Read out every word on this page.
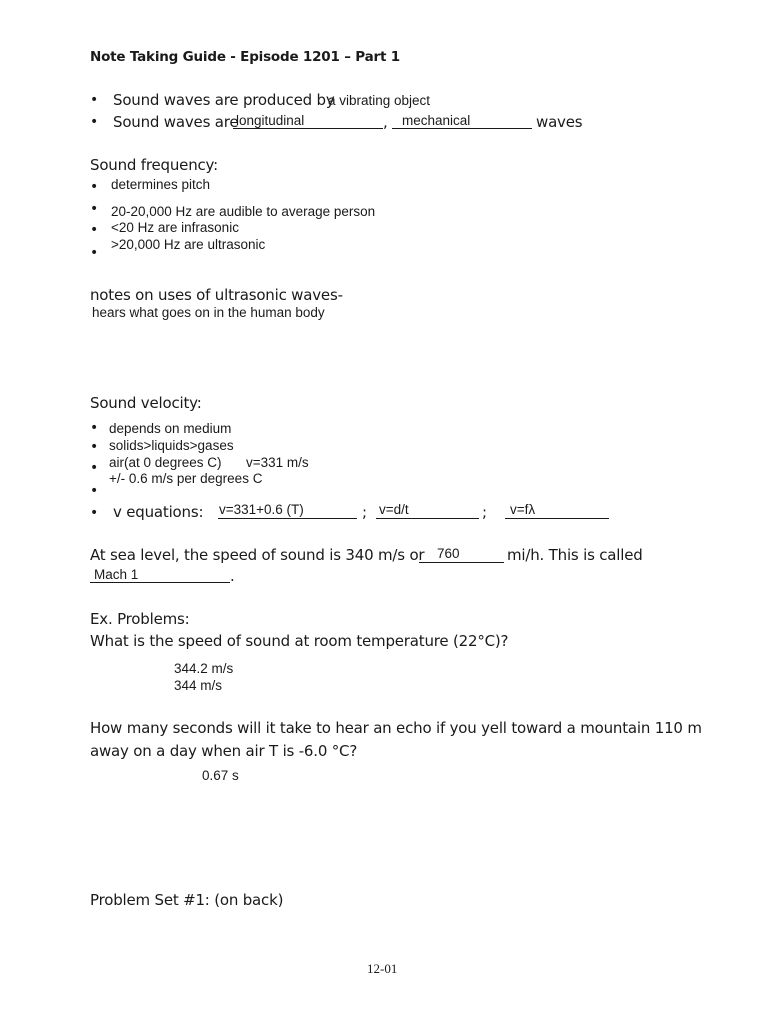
Note Taking Guide - Episode 1201 – Part 1
• Sound waves are produced by
a vibrating object
• Sound waves are
longitudinal	, mechanical	waves
Sound frequency:
• determines pitch
• 20-20,000 Hz are audible to average person
• <20 Hz are infrasonic
>20,000 Hz are ultrasonic
•
notes on uses of ultrasonic waves-
hears what goes on in the human body
Sound velocity:
• depends on medium
• solids>liquids>gases
• air(at 0 degrees C) v=331 m/s
+/- 0.6 m/s per degrees C
•
• v equations: v=331+0.6 (T)	; v=d/t	; v=fλ
At sea level, the speed of sound is 340 m/s or 760	mi/h. This is called
Mach 1	.
Ex. Problems:
What is the speed of sound at room temperature (22°C)?
344.2 m/s
344 m/s
How many seconds will it take to hear an echo if you yell toward a mountain 110 m
away on a day when air T is -6.0 °C?
0.67 s
Problem Set #1: (on back)
12-01
